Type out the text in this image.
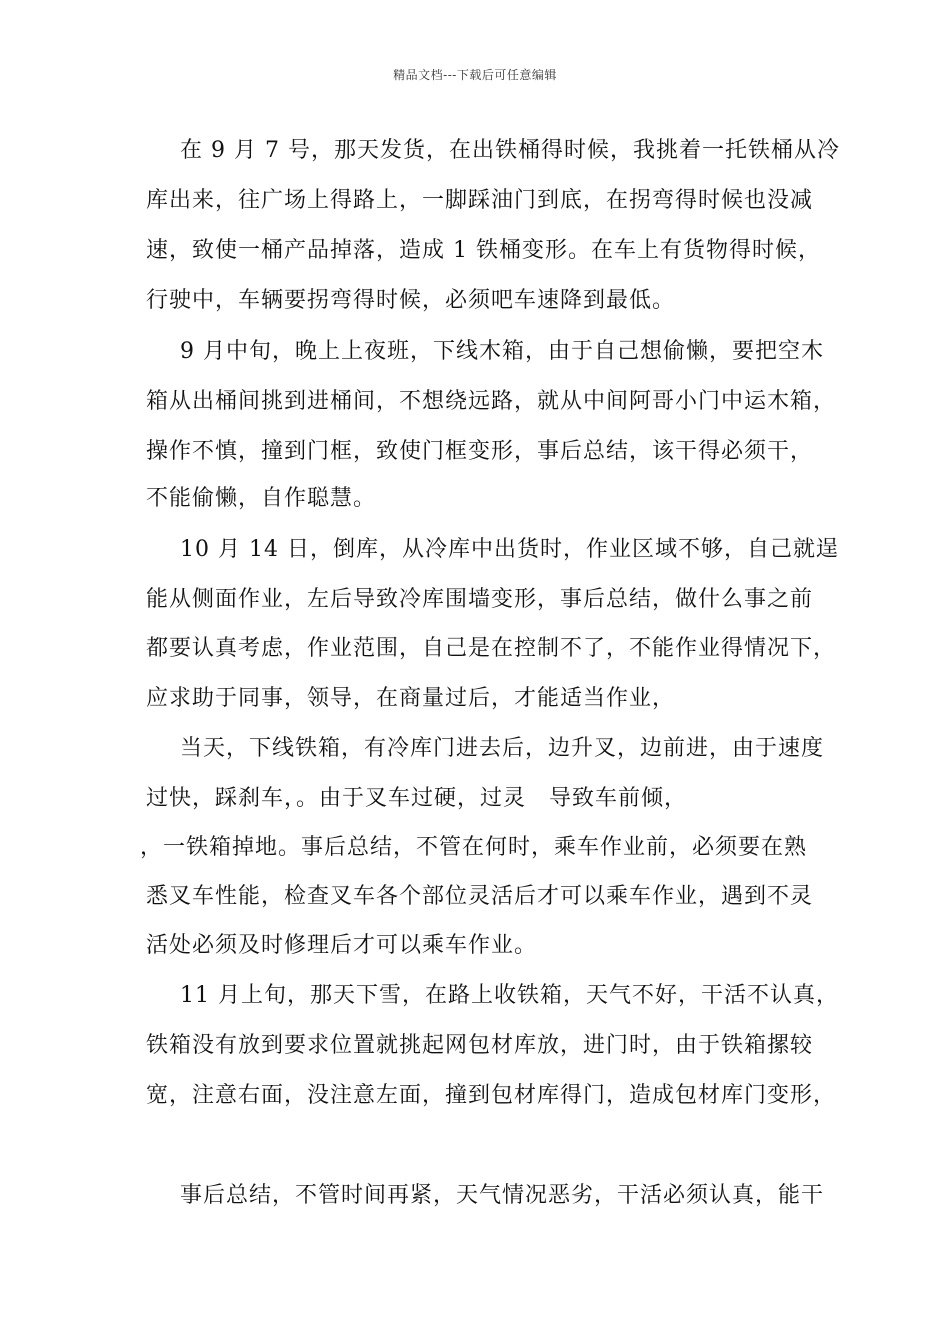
精品文档---下载后可任意编辑
在 9 月 7 号，那天发货，在出铁桶得时候，我挑着一托铁桶从冷
库出来，往广场上得路上，一脚踩油门到底，在拐弯得时候也没减
速，致使一桶产品掉落，造成 1 铁桶变形。在车上有货物得时候，
行驶中，车辆要拐弯得时候，必须吧车速降到最低。
9 月中旬，晚上上夜班，下线木箱，由于自己想偷懒，要把空木
箱从出桶间挑到进桶间，不想绕远路，就从中间阿哥小门中运木箱，
操作不慎，撞到门框，致使门框变形，事后总结，该干得必须干，
不能偷懒，自作聪慧。
10 月 14 日，倒库，从冷库中出货时，作业区域不够，自己就逞
能从侧面作业，左后导致冷库围墙变形，事后总结，做什么事之前
都要认真考虑，作业范围，自己是在控制不了，不能作业得情况下，
应求助于同事，领导，在商量过后，才能适当作业，
当天，下线铁箱，有冷库门进去后，边升叉，边前进，由于速度
过快，踩刹车，。由于叉车过硬，过灵　导致车前倾，
，一铁箱掉地。事后总结，不管在何时，乘车作业前，必须要在熟
悉叉车性能，检查叉车各个部位灵活后才可以乘车作业，遇到不灵
活处必须及时修理后才可以乘车作业。
11 月上旬，那天下雪，在路上收铁箱，天气不好，干活不认真，
铁箱没有放到要求位置就挑起网包材库放，进门时，由于铁箱摞较
宽，注意右面，没注意左面，撞到包材库得门，造成包材库门变形，
事后总结，不管时间再紧，天气情况恶劣，干活必须认真，能干
